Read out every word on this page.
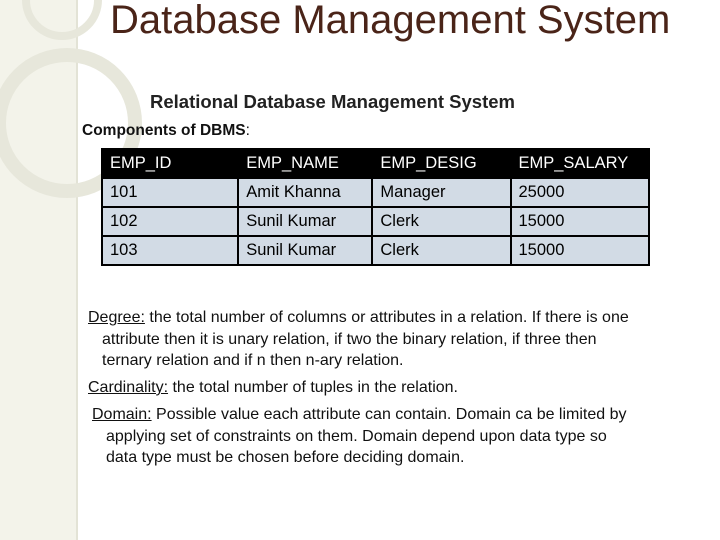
Database Management System
Relational Database Management System
Components of DBMS:
EMP_ID	EMP_NAME	EMP_DESIG	EMP_SALARY
101	Amit Khanna	Manager	25000
102	Sunil Kumar	Clerk	15000
103	Sunil Kumar	Clerk	15000
Degree: the total number of columns or attributes in a relation. If there is one
attribute then it is unary relation, if two the binary relation, if three then
ternary relation and if n then n-ary relation.
Cardinality: the total number of tuples in the relation.
Domain: Possible value each attribute can contain. Domain ca be limited by
applying set of constraints on them. Domain depend upon data type so
data type must be chosen before deciding domain.
